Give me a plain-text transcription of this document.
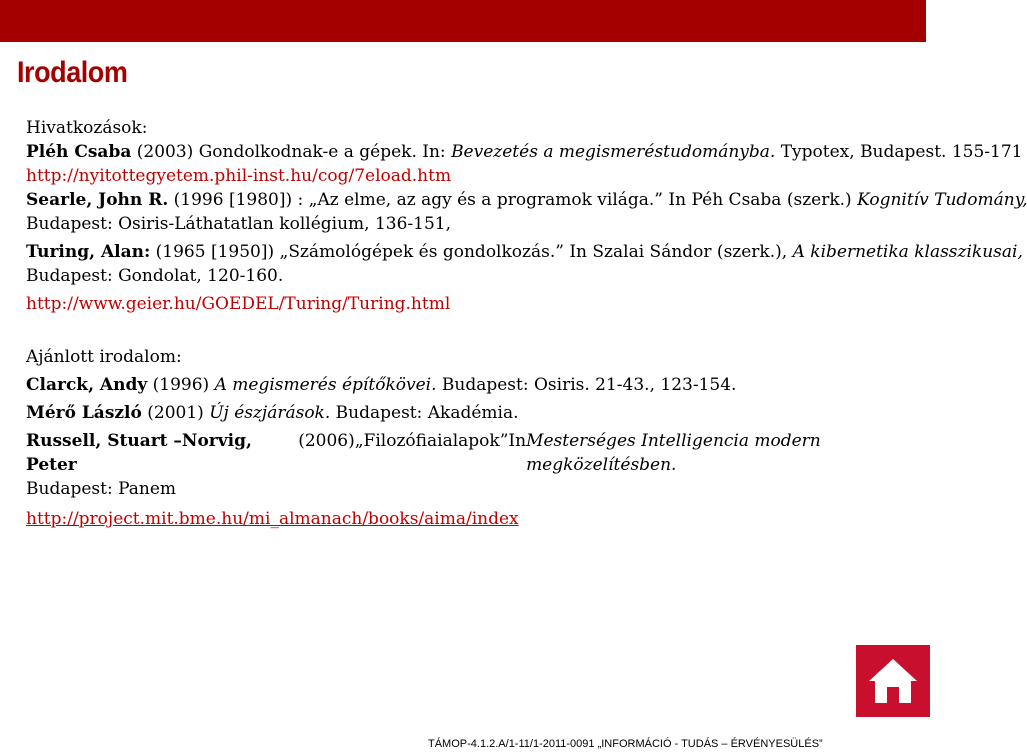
Irodalom
Hivatkozások:
Pléh Csaba (2003) Gondolkodnak-e a gépek. In: Bevezetés a megismeréstudományba. Typotex, Budapest. 155-171
http://nyitottegyetem.phil-inst.hu/cog/7eload.htm
Searle, John R. (1996 [1980]) : „Az elme, az agy és a programok világa.” In Péh Csaba (szerk.) Kognitív Tudomány,
Budapest: Osiris-Láthatatlan kollégium, 136-151,
Turing, Alan: (1965 [1950]) „Számológépek és gondolkozás.” In Szalai Sándor (szerk.), A kibernetika klasszikusai,
Budapest: Gondolat, 120-160.
http://www.geier.hu/GOEDEL/Turing/Turing.html
Ajánlott irodalom:
Clarck, Andy (1996) A megismerés építőkövei. Budapest: Osiris. 21-43., 123-154.
Mérő László (2001) Új észjárások. Budapest: Akadémia.
Russell, Stuart –Norvig, Peter
(2006) „Filozófiai alapok” In Mesterséges Intelligencia modern megközelítésben.
Budapest: Panem
http://project.mit.bme.hu/mi_almanach/books/aima/index
TÁMOP-4.1.2.A/1-11/1-2011-0091 „INFORMÁCIÓ - TUDÁS – ÉRVÉNYESÜLÉS”
